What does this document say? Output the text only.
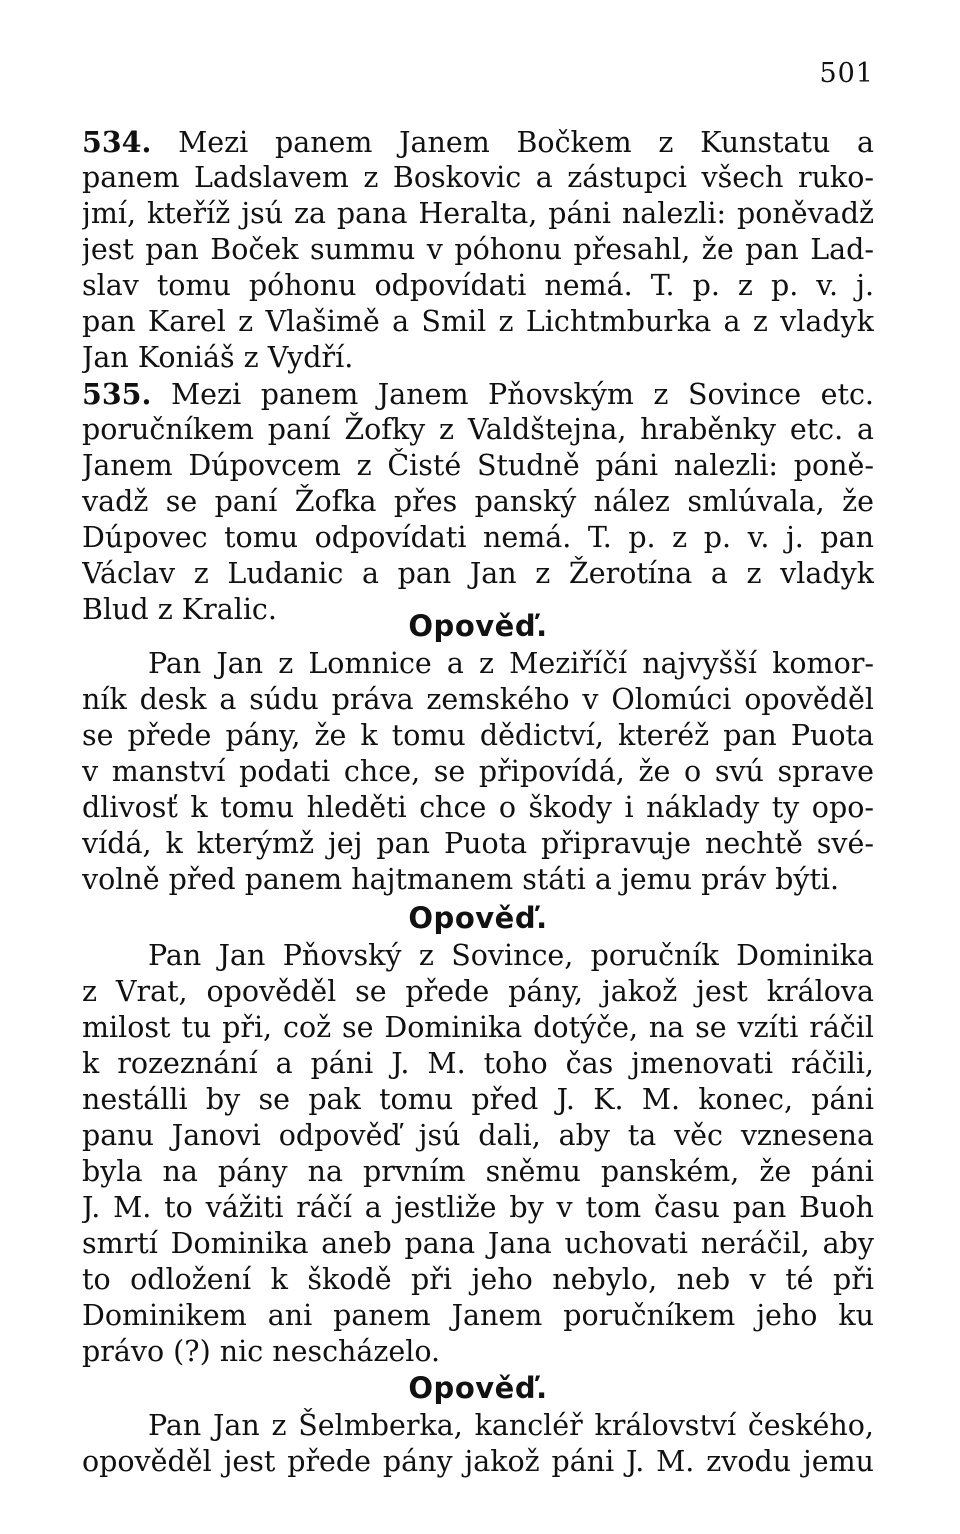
501
534. Mezi panem Janem Bočkem z Kunstatu a
panem Ladslavem z Boskovic a zástupci všech ruko-
jmí, kteříž jsú za pana Heralta, páni nalezli: poněvadž
jest pan Boček summu v póhonu přesahl, že pan Lad-
slav tomu póhonu odpovídati nemá. T. p. z p. v. j.
pan Karel z Vlašimě a Smil z Lichtmburka a z vladyk
Jan Koniáš z Vydří.
535. Mezi panem Janem Pňovským z Sovince etc.
poručníkem paní Žofky z Valdštejna, hraběnky etc. a
Janem Dúpovcem z Čisté Studně páni nalezli: poně-
vadž se paní Žofka přes panský nález smlúvala, že
Dúpovec tomu odpovídati nemá. T. p. z p. v. j. pan
Václav z Ludanic a pan Jan z Žerotína a z vladyk
Blud z Kralic.	Opověď.
Pan Jan z Lomnice a z Meziříčí najvyšší komor-
ník desk a súdu práva zemského v Olomúci opověděl
se přede pány, že k tomu dědictví, kteréž pan Puota
v manství podati chce, se připovídá, že o svú sprave
dlivosť k tomu hleděti chce o škody i náklady ty opo-
vídá, k kterýmž jej pan Puota připravuje nechtě své-
volně před panem hajtmanem státi a jemu práv býti.
Opověď.
Pan Jan Pňovský z Sovince, poručník Dominika
z Vrat, opověděl se přede pány, jakož jest králova
milost tu při, což se Dominika dotýče, na se vzíti ráčil
k rozeznání a páni J. M. toho čas jmenovati ráčili,
nestálli by se pak tomu před J. K. M. konec, páni
panu Janovi odpověď jsú dali, aby ta věc vznesena
byla na pány na prvním sněmu panském, že páni
J. M. to vážiti ráčí a jestliže by v tom času pan Buoh
smrtí Dominika aneb pana Jana uchovati neráčil, aby
to odložení k škodě při jeho nebylo, neb v té při
Dominikem ani panem Janem poručníkem jeho ku
právo (?) nic nescházelo.
Opověď.
Pan Jan z Šelmberka, kancléř království českého,
opověděl jest přede pány jakož páni J. M. zvodu jemu
